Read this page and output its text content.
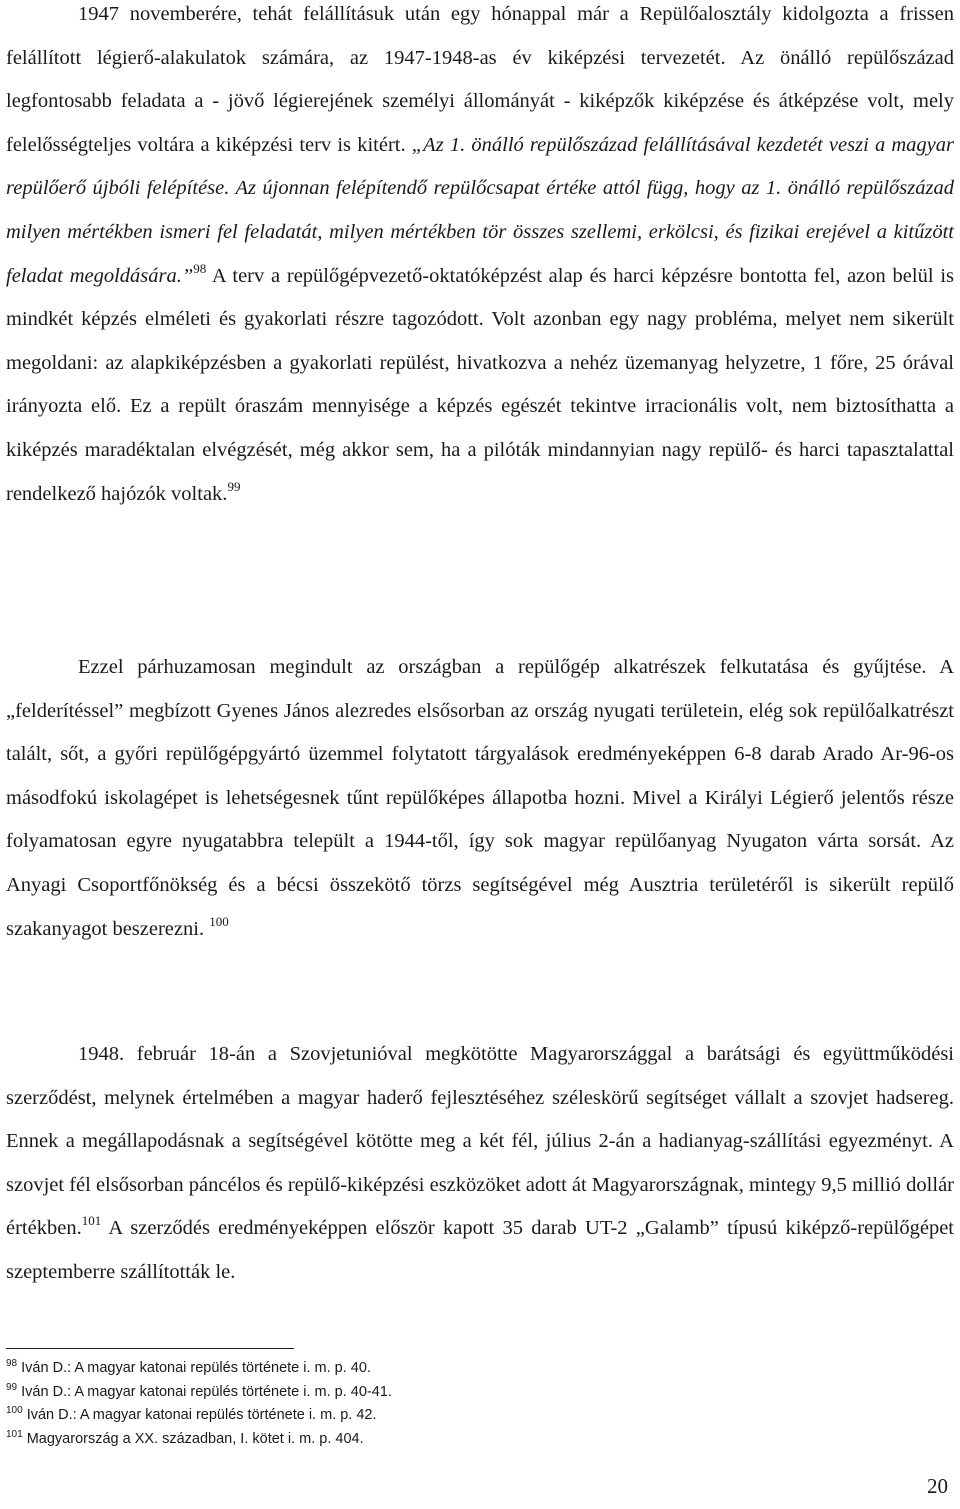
1947 novemberére, tehát felállításuk után egy hónappal már a Repülőalosztály kidolgozta a frissen felállított légierő-alakulatok számára, az 1947-1948-as év kiképzési tervezetét. Az önálló repülőszázad legfontosabb feladata a - jövő légierejének személyi állományát - kiképzők kiképzése és átképzése volt, mely felelősségteljes voltára a kiképzési terv is kitért. „Az 1. önálló repülőszázad felállításával kezdetét veszi a magyar repülőerő újbóli felépítése. Az újonnan felépítendő repülőcsapat értéke attól függ, hogy az 1. önálló repülőszázad milyen mértékben ismeri fel feladatát, milyen mértékben tör összes szellemi, erkölcsi, és fizikai erejével a kitűzött feladat megoldására.”$^{98}$ A terv a repülőgépvezető-oktatóképzést alap és harci képzésre bontotta fel, azon belül is mindkét képzés elméleti és gyakorlati részre tagozódott. Volt azonban egy nagy probléma, melyet nem sikerült megoldani: az alapkiképzésben a gyakorlati repülést, hivatkozva a nehéz üzemanyag helyzetre, 1 főre, 25 órával irányozta elő. Ez a repült óraszám mennyisége a képzés egészét tekintve irracionális volt, nem biztosíthatta a kiképzés maradéktalan elvégzését, még akkor sem, ha a pilóták mindannyian nagy repülő- és harci tapasztalattal rendelkező hajózók voltak.$^{99}$

Ezzel párhuzamosan megindult az országban a repülőgép alkatrészek felkutatása és gyűjtése. A „felderítéssel” megbízott Gyenes János alezredes elsősorban az ország nyugati területein, elég sok repülőalkatrészt talált, sőt, a győri repülőgépgyártó üzemmel folytatott tárgyalások eredményeképpen 6-8 darab Arado Ar-96-os másodfokú iskolagépet is lehetségesnek tűnt repülőképes állapotba hozni. Mivel a Királyi Légierő jelentős része folyamatosan egyre nyugatabbra települt a 1944-től, így sok magyar repülőanyag Nyugaton várta sorsát. Az Anyagi Csoportfőnökség és a bécsi összekötő törzs segítségével még Ausztria területéről is sikerült repülő szakanyagot beszerezni. $^{100}$

1948. február 18-án a Szovjetunióval megkötötte Magyarországgal a barátsági és együttműködési szerződést, melynek értelmében a magyar haderő fejlesztéséhez széleskörű segítséget vállalt a szovjet hadsereg. Ennek a megállapodásnak a segítségével kötötte meg a két fél, július 2-án a hadianyag-szállítási egyezményt. A szovjet fél elsősorban páncélos és repülő-kiképzési eszközöket adott át Magyarországnak, mintegy 9,5 millió dollár értékben.$^{101}$ A szerződés eredményeképpen először kapott 35 darab UT-2 „Galamb” típusú kiképző-repülőgépet szeptemberre szállították le.

$^{98}$ Iván D.: A magyar katonai repülés története i. m. p. 40.
$^{99}$ Iván D.: A magyar katonai repülés története i. m. p. 40-41.
$^{100}$ Iván D.: A magyar katonai repülés története i. m. p. 42.
$^{101}$ Magyarország a XX. században, I. kötet i. m. p. 404.
20
